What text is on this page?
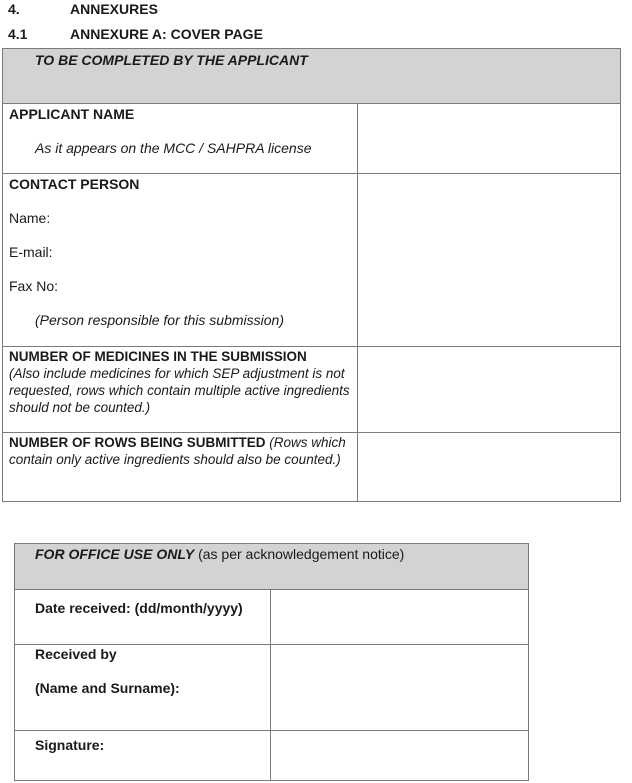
4.	ANNEXURES
4.1	ANNEXURE A: COVER PAGE
TO BE COMPLETED BY THE APPLICANT	

APPLICANT NAME
As it appears on the MCC / SAHPRA license	

CONTACT PERSON
Name:
E-mail:
Fax No:
(Person responsible for this submission)	

NUMBER OF MEDICINES IN THE SUBMISSION
(Also include medicines for which SEP adjustment is not requested, rows which contain multiple active ingredients should not be counted.)	

NUMBER OF ROWS BEING SUBMITTED (Rows which contain only active ingredients should also be counted.)	

FOR OFFICE USE ONLY (as per acknowledgement notice)	

Date received: (dd/month/yyyy)	

Received by
(Name and Surname):	

Signature:	
